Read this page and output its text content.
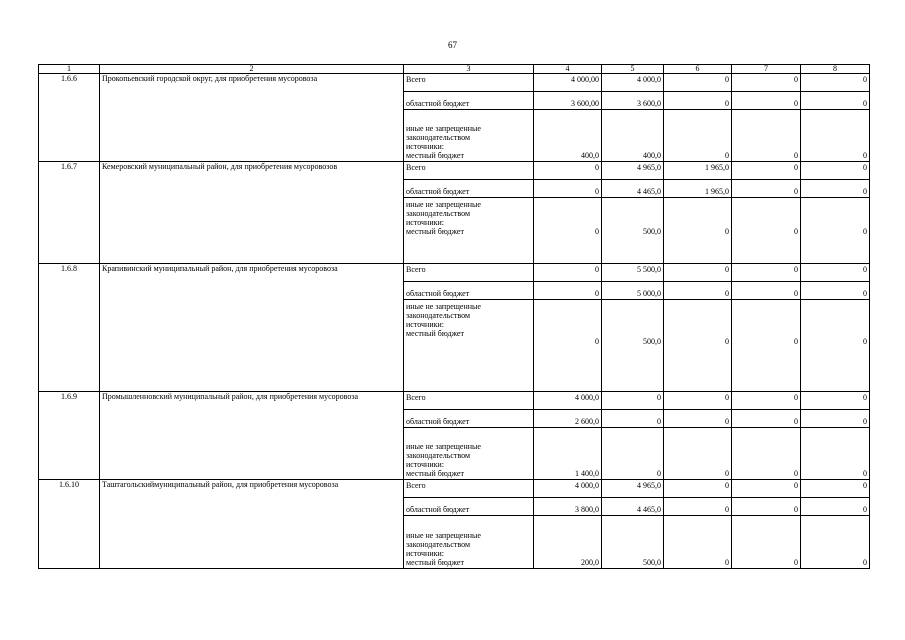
67
1	2	3	4	5	6	7	8
1.6.6	Прокопьевский городской округ, для приобретения мусоровоза	Всего	4 000,00	4 000,0	0	0	0
		областной бюджет	3 600,00	3 600,0	0	0	0

		иные не запрещенные
законодательством
источники:
местный бюджет	400,0	400,0	0	0	0
1.6.7	Кемеровский муниципальный район, для приобретения мусоровозов	Всего	0	4 965,0	1 965,0	0	0
		областной бюджет	0	4 465,0	1 965,0	0	0

		иные не запрещенные
законодательством
источники:
местный бюджет	0	500,0	0	0	0
1.6.8	Крапивинский муниципальный район, для приобретения мусоровоза	Всего	0	5 500,0	0	0	0
		областной бюджет	0	5 000,0	0	0	0

		иные не запрещенные
законодательством
источники:
местный бюджет	0	500,0	0	0	0
1.6.9	Промышленновский муниципальный район, для приобретения мусоровоза	Всего	4 000,0	0	0	0	0
		областной бюджет	2 600,0	0	0	0	0

		иные не запрещенные
законодательством
источники:
местный бюджет	1 400,0	0	0	0	0
1.6.10	Таштагольскиймуниципальный район, для приобретения мусоровоза	Всего	4 000,0	4 965,0	0	0	0
		областной бюджет	3 800,0	4 465,0	0	0	0

		иные не запрещенные
законодательством
источники:
местный бюджет	200,0	500,0	0	0	0
